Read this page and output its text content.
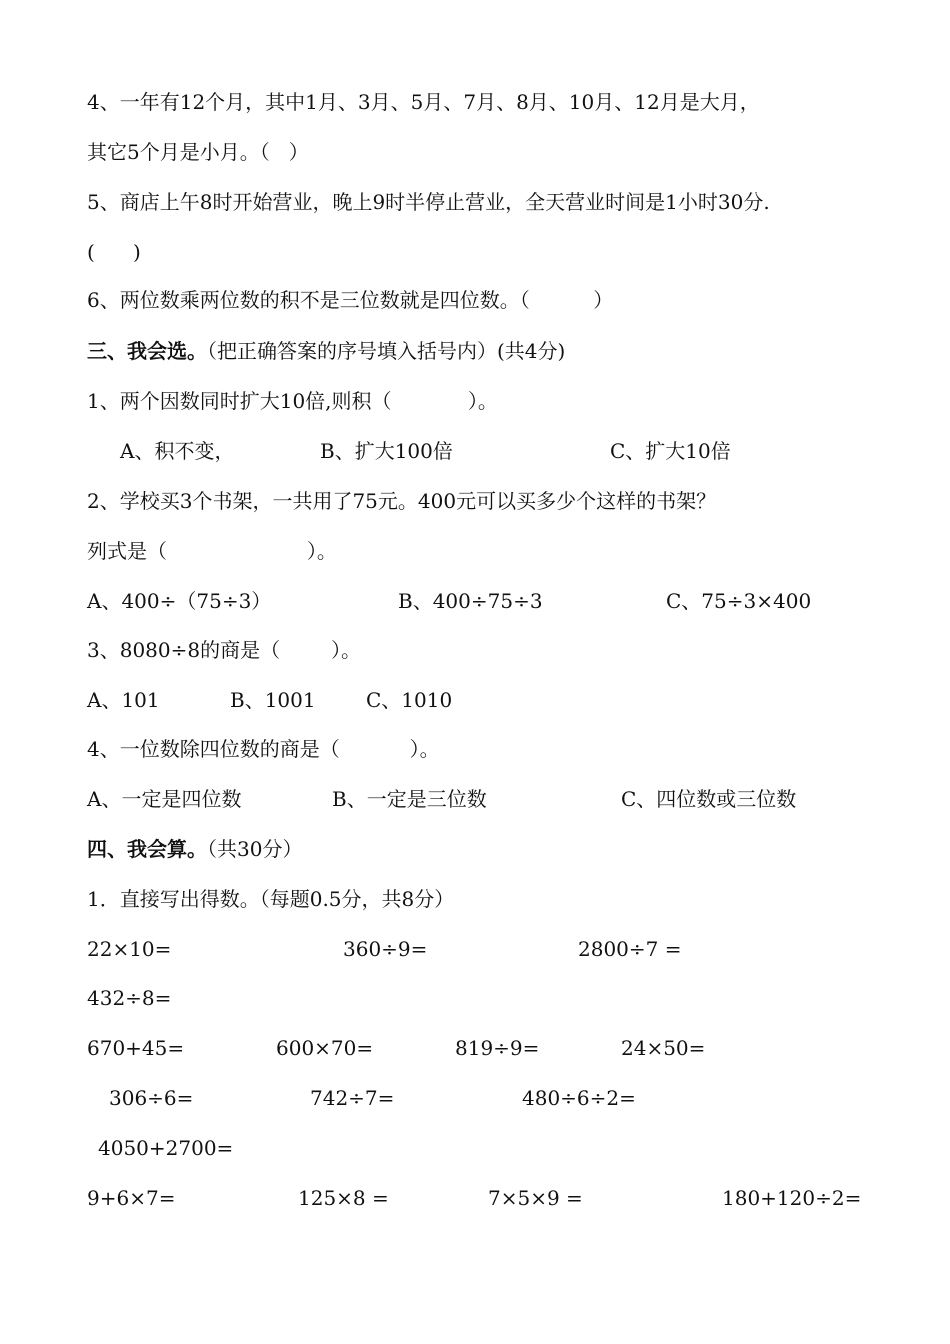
4、一年有12个月，其中1月、3月、5月、7月、8月、10月、12月是大月，
其它5个月是小月。（   ）
5、商店上午8时开始营业，晚上9时半停止营业，全天营业时间是1小时30分.
(      )
6、两位数乘两位数的积不是三位数就是四位数。（          ）
三、我会选。（把正确答案的序号填入括号内）(共4分)
1、两个因数同时扩大10倍,则积（            ）。
A、积不变，	B、扩大100倍	C、扩大10倍
2、学校买3个书架，一共用了75元。400元可以买多少个这样的书架？
列式是（                      ）。
A、400÷（75÷3）	B、400÷75÷3	C、75÷3×400
3、8080÷8的商是（        ）。
A、101	B、1001	C、1010
4、一位数除四位数的商是（           ）。
A、一定是四位数	B、一定是三位数	C、四位数或三位数
四、我会算。（共30分）
1．直接写出得数。（每题0.5分，共8分）
22×10=	360÷9=	2800÷7 =
432÷8=
670+45=	600×70=	819÷9=	24×50=
306÷6=	742÷7=	480÷6÷2=
4050+2700=
9+6×7=	125×8 =	7×5×9 =	180+120÷2=
